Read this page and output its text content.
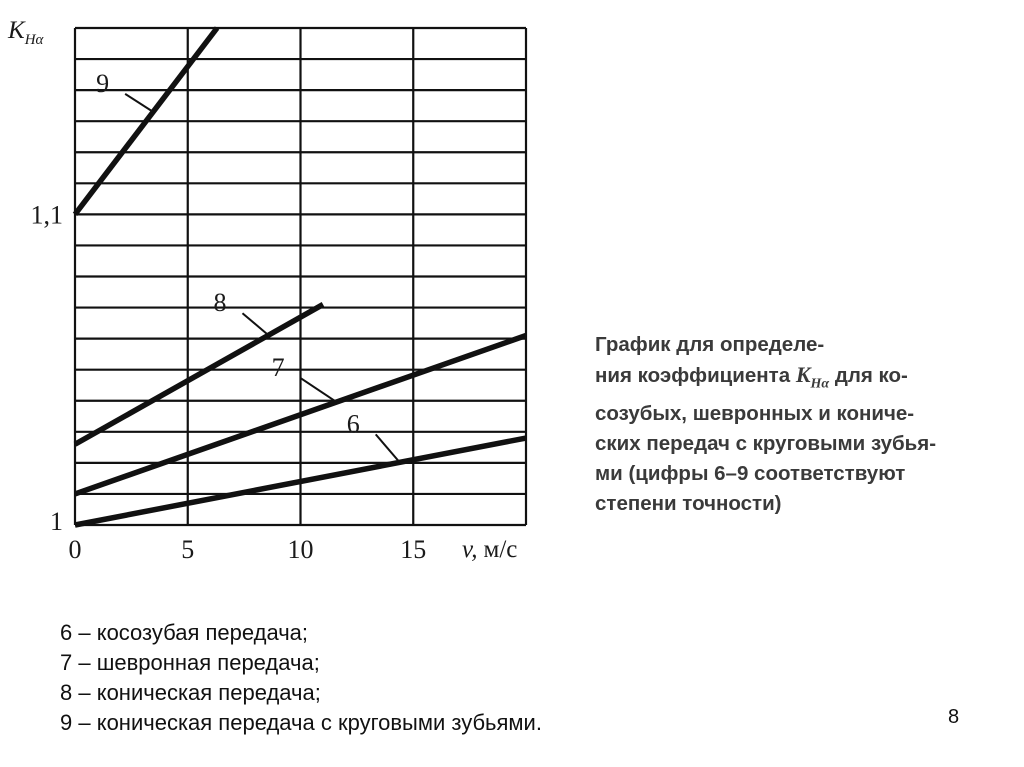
6
7
8
9
0	5	10	15
1
1,1
$K_{H\alpha}$
v, м/с

График для определе-
ния коэффициента $K_{H\alpha}$ для ко-
созубых, шевронных и кониче-
ских передач с круговыми зубья-
ми (цифры 6–9 соответствуют
степени точности)

6 – косозубая передача;
7 – шевронная передача;
8 – коническая передача;
9 – коническая передача с круговыми зубьями.	8
